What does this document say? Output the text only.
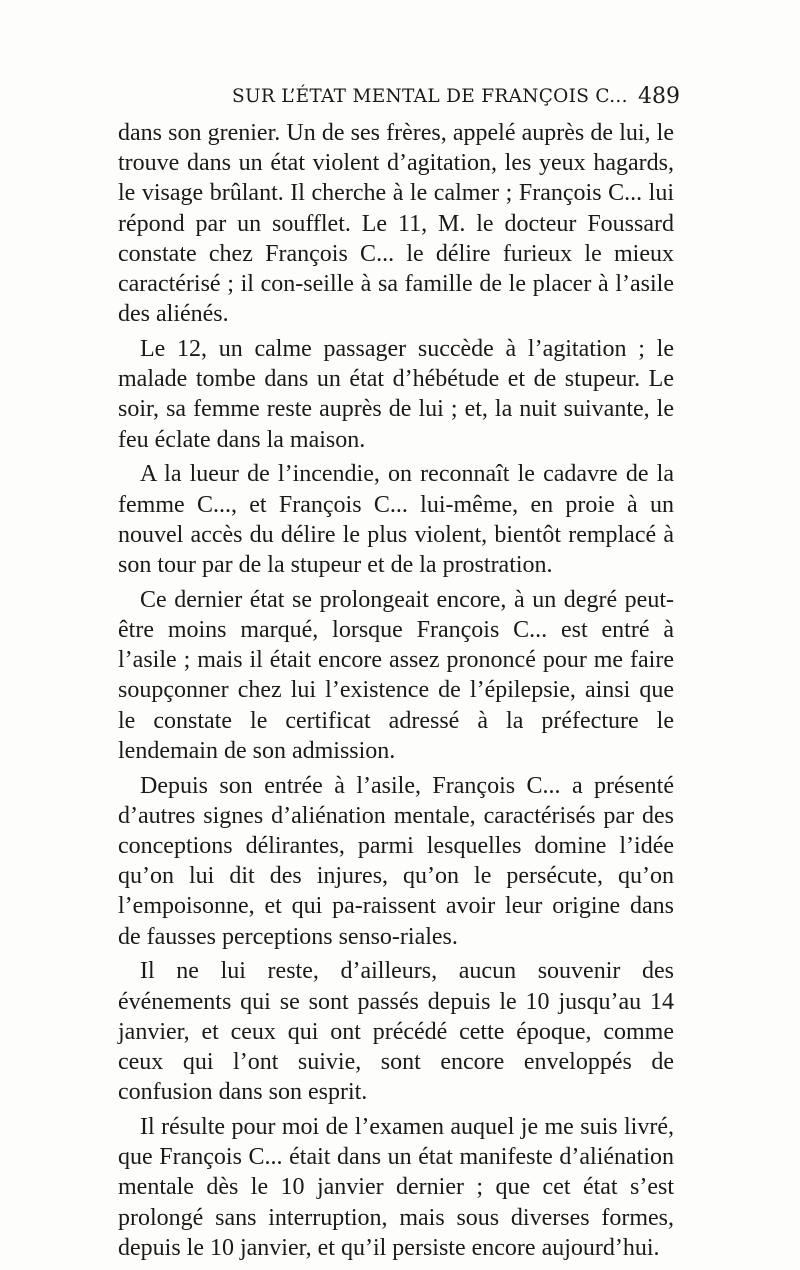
SUR L’ÉTAT MENTAL DE FRANÇOIS C... 489

dans son grenier. Un de ses frères, appelé auprès de lui, le trouve dans un état violent d’agitation, les yeux hagards, le visage brûlant. Il cherche à le calmer ; François C... lui répond par un soufflet. Le 11, M. le docteur Foussard constate chez François C... le délire furieux le mieux caractérisé ; il con-seille à sa famille de le placer à l’asile des aliénés.

Le 12, un calme passager succède à l’agitation ; le malade tombe dans un état d’hébétude et de stupeur. Le soir, sa femme reste auprès de lui ; et, la nuit suivante, le feu éclate dans la maison.

A la lueur de l’incendie, on reconnaît le cadavre de la femme C..., et François C... lui-même, en proie à un nouvel accès du délire le plus violent, bientôt remplacé à son tour par de la stupeur et de la prostration.

Ce dernier état se prolongeait encore, à un degré peut-être moins marqué, lorsque François C... est entré à l’asile ; mais il était encore assez prononcé pour me faire soupçonner chez lui l’existence de l’épilepsie, ainsi que le constate le certificat adressé à la préfecture le lendemain de son admission.

Depuis son entrée à l’asile, François C... a présenté d’autres signes d’aliénation mentale, caractérisés par des conceptions délirantes, parmi lesquelles domine l’idée qu’on lui dit des injures, qu’on le persécute, qu’on l’empoisonne, et qui pa-raissent avoir leur origine dans de fausses perceptions senso-riales.

Il ne lui reste, d’ailleurs, aucun souvenir des événements qui se sont passés depuis le 10 jusqu’au 14 janvier, et ceux qui ont précédé cette époque, comme ceux qui l’ont suivie, sont encore enveloppés de confusion dans son esprit.

Il résulte pour moi de l’examen auquel je me suis livré, que François C... était dans un état manifeste d’aliénation mentale dès le 10 janvier dernier ; que cet état s’est prolongé sans interruption, mais sous diverses formes, depuis le 10 janvier, et qu’il persiste encore aujourd’hui.
